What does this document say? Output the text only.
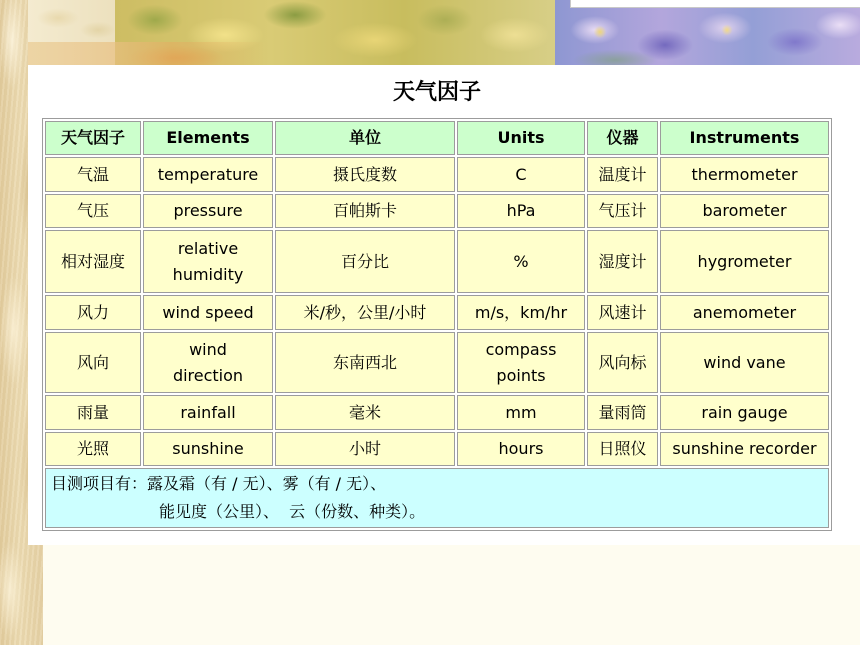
天气因子
天气因子	Elements	单位	Units	仪器	Instruments
气温	temperature	摄氏度数	C	温度计	thermometer
气压	pressure	百帕斯卡	hPa	气压计	barometer
相对湿度	relative humidity	百分比	%	湿度计	hygrometer
风力	wind speed	米/秒，公里/小时	m/s，km/hr	风速计	anemometer
风向	wind direction	东南西北	compass points	风向标	wind vane
雨量	rainfall	毫米	mm	量雨筒	rain gauge
光照	sunshine	小时	hours	日照仪	sunshine recorder

目测项目有：露及霜（有 / 无）、雾（有 / 无）、
能见度（公里）、  云（份数、种类）。					
